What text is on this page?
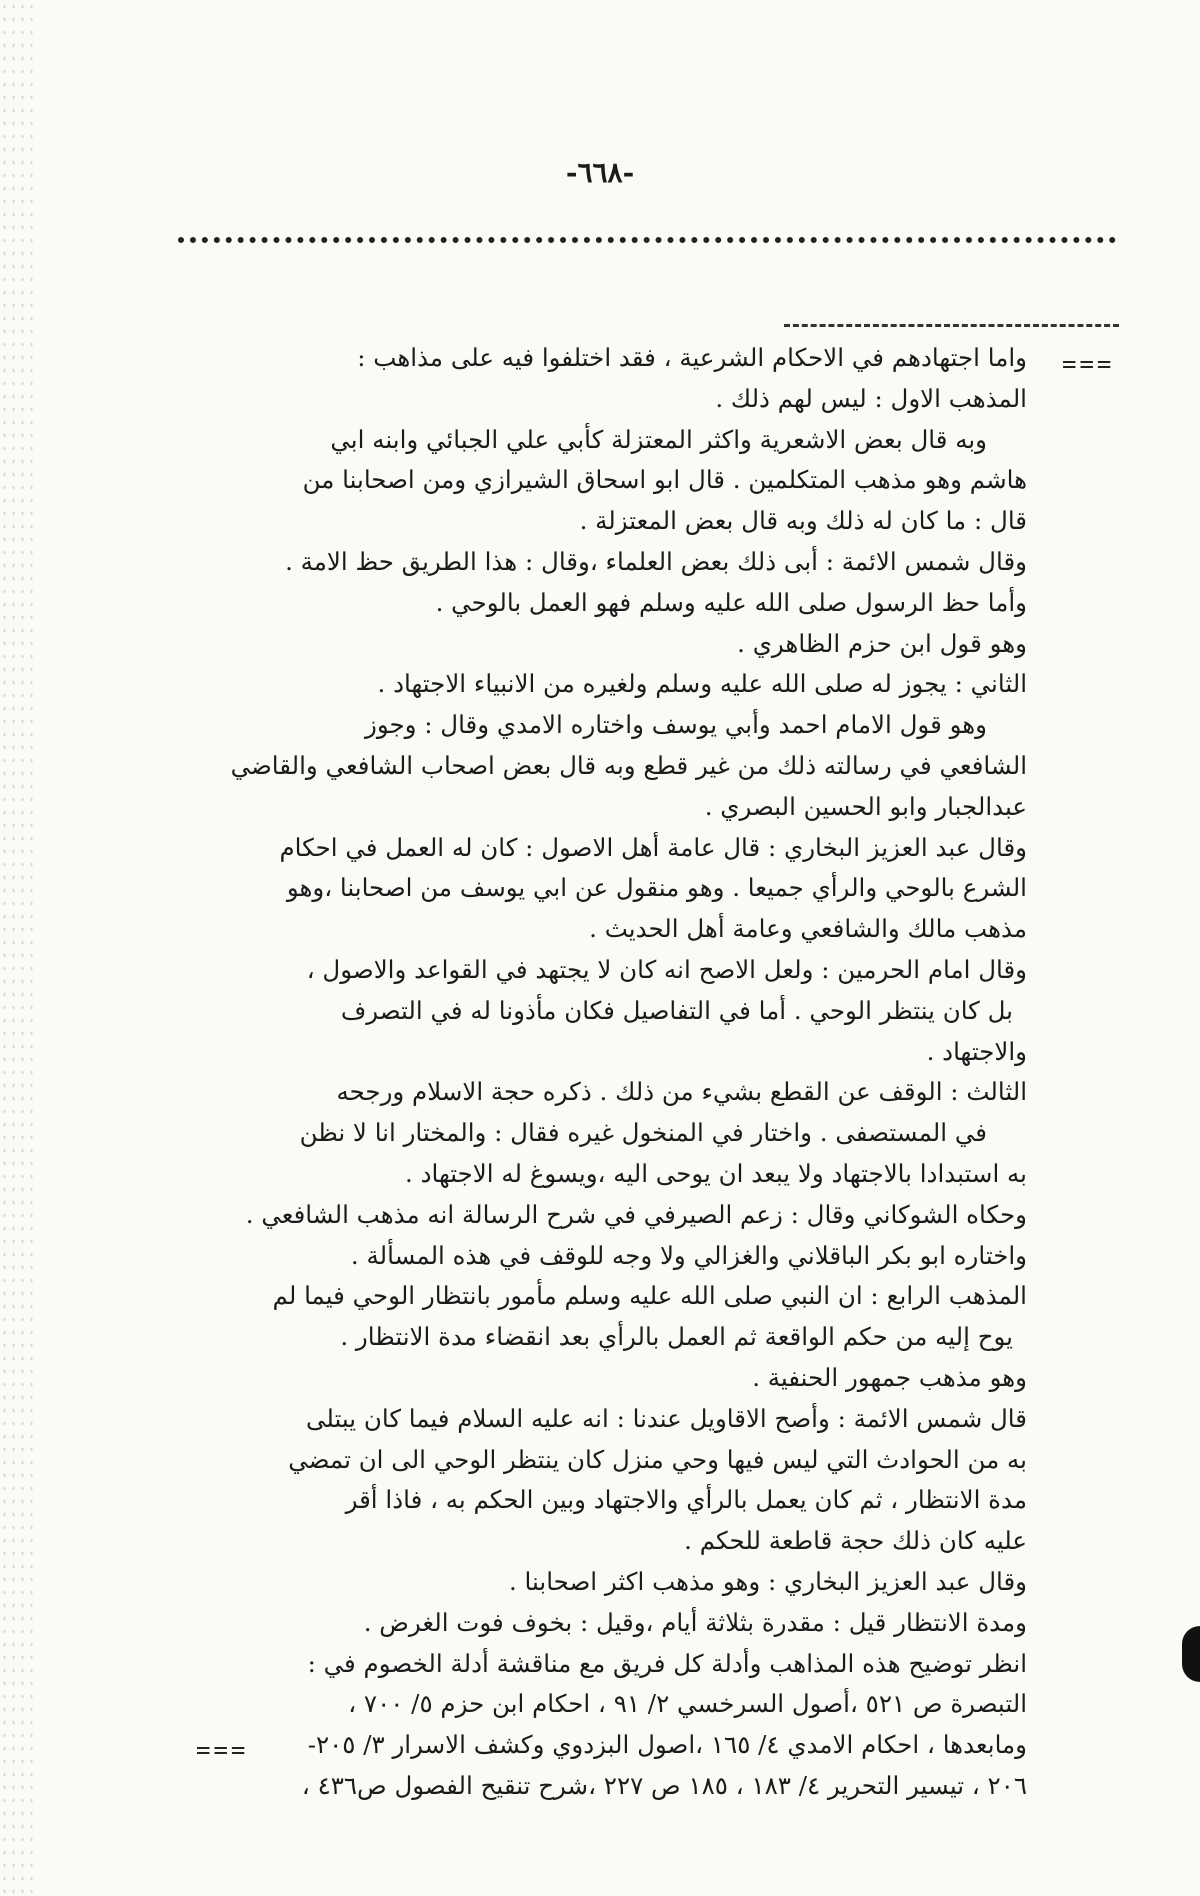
-٦٦٨-
===
واما اجتهادهم في الاحكام الشرعية ، فقد اختلفوا فيه على مذاهب :
المذهب الاول : ليس لهم ذلك .
وبه قال بعض الاشعرية واكثر المعتزلة كأبي علي الجبائي وابنه ابي
هاشم وهو مذهب المتكلمين . قال ابو اسحاق الشيرازي ومن اصحابنا من
قال : ما كان له ذلك وبه قال بعض المعتزلة .
وقال شمس الائمة : أبى ذلك بعض العلماء ،وقال : هذا الطريق حظ الامة .
وأما حظ الرسول صلى الله عليه وسلم فهو العمل بالوحي .
وهو قول ابن حزم الظاهري .
الثاني : يجوز له صلى الله عليه وسلم ولغيره من الانبياء الاجتهاد .
وهو قول الامام احمد وأبي يوسف واختاره الامدي وقال : وجوز
الشافعي في رسالته ذلك من غير قطع وبه قال بعض اصحاب الشافعي والقاضي
عبدالجبار وابو الحسين البصري .
وقال عبد العزيز البخاري : قال عامة أهل الاصول : كان له العمل في احكام
الشرع بالوحي والرأي جميعا . وهو منقول عن ابي يوسف من اصحابنا ،وهو
مذهب مالك والشافعي وعامة أهل الحديث .
وقال امام الحرمين : ولعل الاصح انه كان لا يجتهد في القواعد والاصول ،
بل كان ينتظر الوحي . أما في التفاصيل فكان مأذونا له في التصرف
والاجتهاد .
الثالث : الوقف عن القطع بشيء من ذلك . ذكره حجة الاسلام ورجحه
في المستصفى . واختار في المنخول غيره فقال : والمختار انا لا نظن
به استبدادا بالاجتهاد ولا يبعد ان يوحى اليه ،ويسوغ له الاجتهاد .
وحكاه الشوكاني وقال : زعم الصيرفي في شرح الرسالة انه مذهب الشافعي .
واختاره ابو بكر الباقلاني والغزالي ولا وجه للوقف في هذه المسألة .
المذهب الرابع : ان النبي صلى الله عليه وسلم مأمور بانتظار الوحي فيما لم
يوح إليه من حكم الواقعة ثم العمل بالرأي بعد انقضاء مدة الانتظار .
وهو مذهب جمهور الحنفية .
قال شمس الائمة : وأصح الاقاويل عندنا : انه عليه السلام فيما كان يبتلى
به من الحوادث التي ليس فيها وحي منزل كان ينتظر الوحي الى ان تمضي
مدة الانتظار ، ثم كان يعمل بالرأي والاجتهاد وبين الحكم به ، فاذا أقر
عليه كان ذلك حجة قاطعة للحكم .
وقال عبد العزيز البخاري : وهو مذهب اكثر اصحابنا .
ومدة الانتظار قيل : مقدرة بثلاثة أيام ،وقيل : بخوف فوت الغرض .
انظر توضيح هذه المذاهب وأدلة كل فريق مع مناقشة أدلة الخصوم في :
التبصرة ص ٥٢١ ،أصول السرخسي ٢/ ٩١ ، احكام ابن حزم ٥/ ٧٠٠ ،
ومابعدها ، احكام الامدي ٤/ ١٦٥ ،اصول البزدوي وكشف الاسرار ٣/ ٢٠٥-
٢٠٦ ، تيسير التحرير ٤/ ١٨٣ ، ١٨٥ ص ٢٢٧ ،شرح تنقيح الفصول ص٤٣٦ ،
===
